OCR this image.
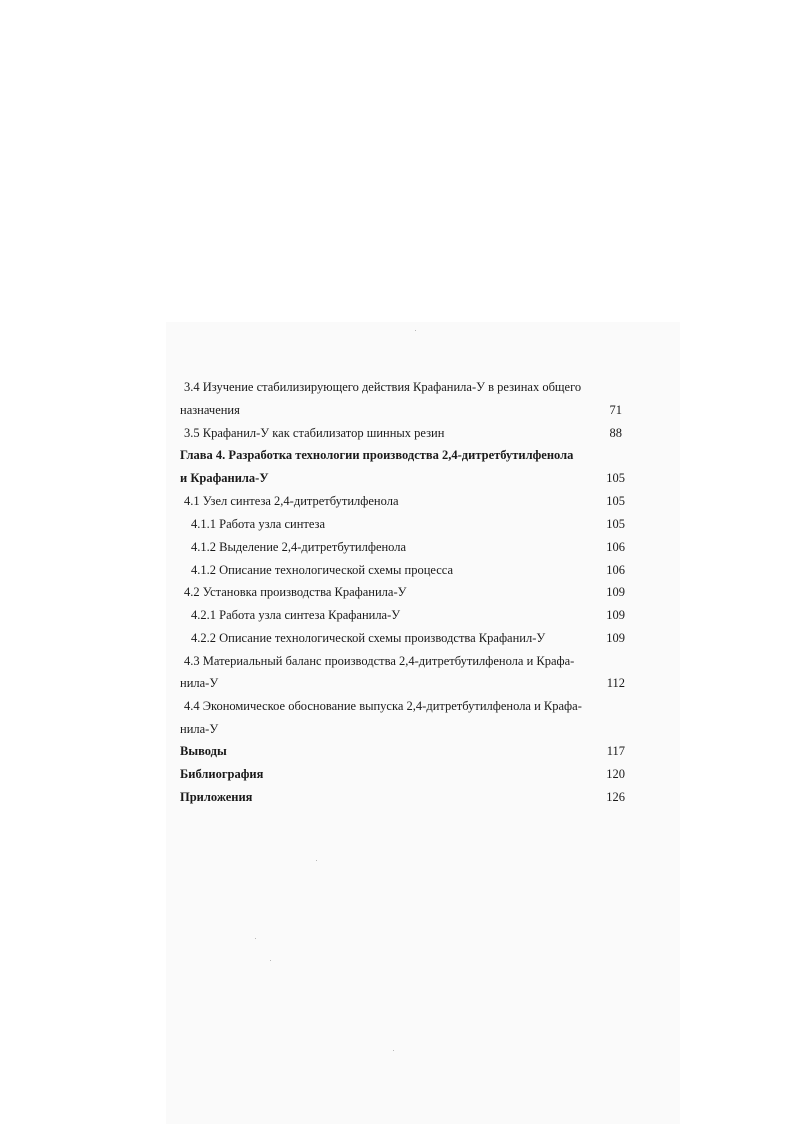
3.4 Изучение стабилизирующего действия Крафанила-У в резинах общего
назначения	71
3.5 Крафанил-У как стабилизатор шинных резин	88
Глава 4. Разработка технологии производства 2,4-дитретбутилфенола
и Крафанила-У	105
4.1 Узел синтеза 2,4-дитретбутилфенола	105
4.1.1 Работа узла синтеза	105
4.1.2 Выделение 2,4-дитретбутилфенола	106
4.1.2 Описание технологической схемы процесса	106
4.2 Установка производства Крафанила-У	109
4.2.1 Работа узла синтеза Крафанила-У	109
4.2.2 Описание технологической схемы производства Крафанил-У	109
4.3 Материальный баланс производства 2,4-дитретбутилфенола и Крафа-
нила-У	112
4.4 Экономическое обоснование выпуска 2,4-дитретбутилфенола и Крафа-
нила-У
Выводы	117
Библиография	120
Приложения	126
